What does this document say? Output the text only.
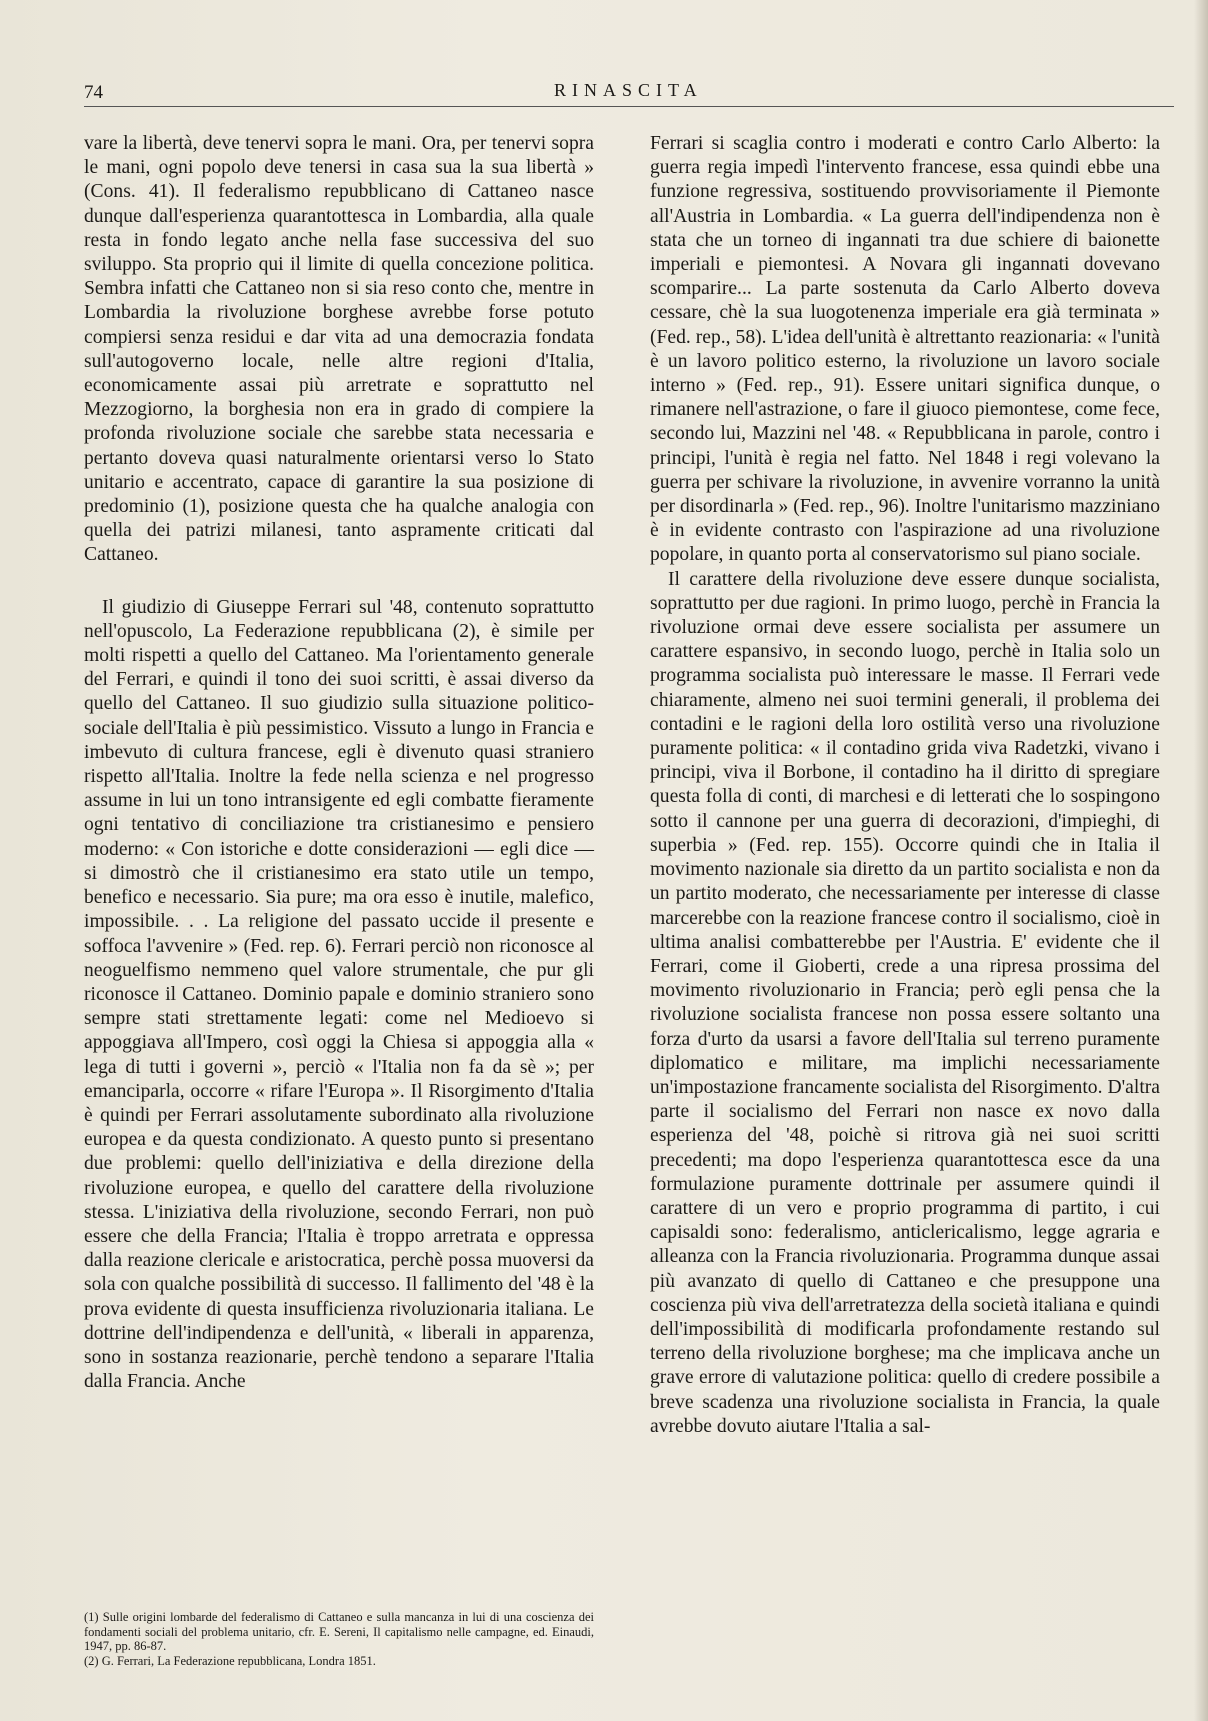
74	RINASCITA

vare la libertà, deve tenervi sopra le mani. Ora, per tenervi sopra le mani, ogni popolo deve tenersi in casa sua la sua libertà » (Cons. 41). Il federalismo repubblicano di Cattaneo nasce dunque dall'esperienza quarantottesca in Lombardia, alla quale resta in fondo legato anche nella fase successiva del suo sviluppo. Sta proprio qui il limite di quella concezione politica. Sembra infatti che Cattaneo non si sia reso conto che, mentre in Lombardia la rivoluzione borghese avrebbe forse potuto compiersi senza residui e dar vita ad una democrazia fondata sull'autogoverno locale, nelle altre regioni d'Italia, economicamente assai più arretrate e soprattutto nel Mezzogiorno, la borghesia non era in grado di compiere la profonda rivoluzione sociale che sarebbe stata necessaria e pertanto doveva quasi naturalmente orientarsi verso lo Stato unitario e accentrato, capace di garantire la sua posizione di predominio (1), posizione questa che ha qualche analogia con quella dei patrizi milanesi, tanto aspramente criticati dal Cattaneo.

Il giudizio di Giuseppe Ferrari sul '48, contenuto soprattutto nell'opuscolo, La Federazione repubblicana (2), è simile per molti rispetti a quello del Cattaneo. Ma l'orientamento generale del Ferrari, e quindi il tono dei suoi scritti, è assai diverso da quello del Cattaneo. Il suo giudizio sulla situazione politico-sociale dell'Italia è più pessimistico. Vissuto a lungo in Francia e imbevuto di cultura francese, egli è divenuto quasi straniero rispetto all'Italia. Inoltre la fede nella scienza e nel progresso assume in lui un tono intransigente ed egli combatte fieramente ogni tentativo di conciliazione tra cristianesimo e pensiero moderno: « Con istoriche e dotte considerazioni — egli dice — si dimostrò che il cristianesimo era stato utile un tempo, benefico e necessario. Sia pure; ma ora esso è inutile, malefico, impossibile. . . La religione del passato uccide il presente e soffoca l'avvenire » (Fed. rep. 6). Ferrari perciò non riconosce al neoguelfismo nemmeno quel valore strumentale, che pur gli riconosce il Cattaneo. Dominio papale e dominio straniero sono sempre stati strettamente legati: come nel Medioevo si appoggiava all'Impero, così oggi la Chiesa si appoggia alla « lega di tutti i governi », perciò « l'Italia non fa da sè »; per emanciparla, occorre « rifare l'Europa ». Il Risorgimento d'Italia è quindi per Ferrari assolutamente subordinato alla rivoluzione europea e da questa condizionato. A questo punto si presentano due problemi: quello dell'iniziativa e della direzione della rivoluzione europea, e quello del carattere della rivoluzione stessa. L'iniziativa della rivoluzione, secondo Ferrari, non può essere che della Francia; l'Italia è troppo arretrata e oppressa dalla reazione clericale e aristocratica, perchè possa muoversi da sola con qualche possibilità di successo. Il fallimento del '48 è la prova evidente di questa insufficienza rivoluzionaria italiana. Le dottrine dell'indipendenza e dell'unità, « liberali in apparenza, sono in sostanza reazionarie, perchè tendono a separare l'Italia dalla Francia. Anche

(1) Sulle origini lombarde del federalismo di Cattaneo e sulla mancanza in lui di una coscienza dei fondamenti sociali del problema unitario, cfr. E. Sereni, Il capitalismo nelle campagne, ed. Einaudi, 1947, pp. 86-87.

(2) G. Ferrari, La Federazione repubblicana, Londra 1851.

Ferrari si scaglia contro i moderati e contro Carlo Alberto: la guerra regia impedì l'intervento francese, essa quindi ebbe una funzione regressiva, sostituendo provvisoriamente il Piemonte all'Austria in Lombardia. « La guerra dell'indipendenza non è stata che un torneo di ingannati tra due schiere di baionette imperiali e piemontesi. A Novara gli ingannati dovevano scomparire... La parte sostenuta da Carlo Alberto doveva cessare, chè la sua luogotenenza imperiale era già terminata » (Fed. rep., 58). L'idea dell'unità è altrettanto reazionaria: « l'unità è un lavoro politico esterno, la rivoluzione un lavoro sociale interno » (Fed. rep., 91). Essere unitari significa dunque, o rimanere nell'astrazione, o fare il giuoco piemontese, come fece, secondo lui, Mazzini nel '48. « Repubblicana in parole, contro i principi, l'unità è regia nel fatto. Nel 1848 i regi volevano la guerra per schivare la rivoluzione, in avvenire vorranno la unità per disordinarla » (Fed. rep., 96). Inoltre l'unitarismo mazziniano è in evidente contrasto con l'aspirazione ad una rivoluzione popolare, in quanto porta al conservatorismo sul piano sociale.

Il carattere della rivoluzione deve essere dunque socialista, soprattutto per due ragioni. In primo luogo, perchè in Francia la rivoluzione ormai deve essere socialista per assumere un carattere espansivo, in secondo luogo, perchè in Italia solo un programma socialista può interessare le masse. Il Ferrari vede chiaramente, almeno nei suoi termini generali, il problema dei contadini e le ragioni della loro ostilità verso una rivoluzione puramente politica: « il contadino grida viva Radetzki, vivano i principi, viva il Borbone, il contadino ha il diritto di spregiare questa folla di conti, di marchesi e di letterati che lo sospingono sotto il cannone per una guerra di decorazioni, d'impieghi, di superbia » (Fed. rep. 155). Occorre quindi che in Italia il movimento nazionale sia diretto da un partito socialista e non da un partito moderato, che necessariamente per interesse di classe marcerebbe con la reazione francese contro il socialismo, cioè in ultima analisi combatterebbe per l'Austria. E' evidente che il Ferrari, come il Gioberti, crede a una ripresa prossima del movimento rivoluzionario in Francia; però egli pensa che la rivoluzione socialista francese non possa essere soltanto una forza d'urto da usarsi a favore dell'Italia sul terreno puramente diplomatico e militare, ma implichi necessariamente un'impostazione francamente socialista del Risorgimento. D'altra parte il socialismo del Ferrari non nasce ex novo dalla esperienza del '48, poichè si ritrova già nei suoi scritti precedenti; ma dopo l'esperienza quarantottesca esce da una formulazione puramente dottrinale per assumere quindi il carattere di un vero e proprio programma di partito, i cui capisaldi sono: federalismo, anticlericalismo, legge agraria e alleanza con la Francia rivoluzionaria. Programma dunque assai più avanzato di quello di Cattaneo e che presuppone una coscienza più viva dell'arretratezza della società italiana e quindi dell'impossibilità di modificarla profondamente restando sul terreno della rivoluzione borghese; ma che implicava anche un grave errore di valutazione politica: quello di credere possibile a breve scadenza una rivoluzione socialista in Francia, la quale avrebbe dovuto aiutare l'Italia a sal-
